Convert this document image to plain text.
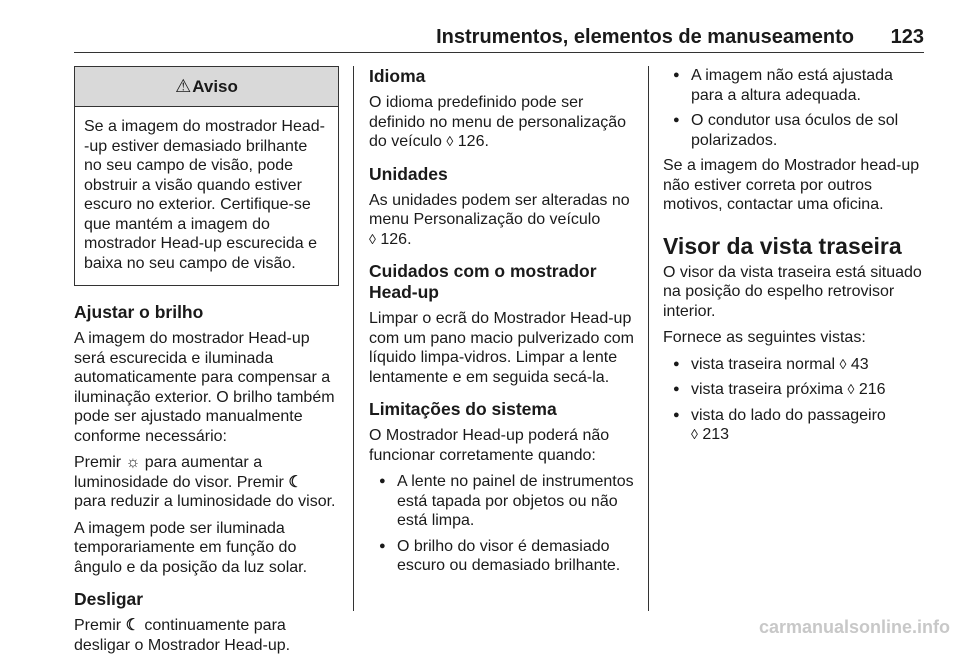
Instrumentos, elementos de manuseamento 123
⚠ Aviso
Se a imagem do mostrador Head--up estiver demasiado brilhante no seu campo de visão, pode obstruir a visão quando estiver escuro no exterior. Certifique-se que mantém a imagem do mostrador Head-up escurecida e baixa no seu campo de visão.
Ajustar o brilho

A imagem do mostrador Head-up será escurecida e iluminada automaticamente para compensar a iluminação exterior. O brilho também pode ser ajustado manualmente conforme necessário:

Premir ☼ para aumentar a luminosidade do visor. Premir ☾ para reduzir a luminosidade do visor.

A imagem pode ser iluminada temporariamente em função do ângulo e da posição da luz solar.

Desligar

Premir ☾ continuamente para desligar o Mostrador Head-up.

Idioma

O idioma predefinido pode ser definido no menu de personalização do veículo ◊ 126.

Unidades

As unidades podem ser alteradas no menu Personalização do veículo
◊ 126.

Cuidados com o mostrador Head-up

Limpar o ecrã do Mostrador Head-up com um pano macio pulverizado com líquido limpa-vidros. Limpar a lente lentamente e em seguida secá-la.

Limitações do sistema

O Mostrador Head-up poderá não funcionar corretamente quando:

● A lente no painel de instrumentos está tapada por objetos ou não está limpa.
● O brilho do visor é demasiado escuro ou demasiado brilhante.
● A imagem não está ajustada para a altura adequada.
● O condutor usa óculos de sol polarizados.

Se a imagem do Mostrador head-up não estiver correta por outros motivos, contactar uma oficina.

Visor da vista traseira

O visor da vista traseira está situado na posição do espelho retrovisor interior.

Fornece as seguintes vistas:

● vista traseira normal ◊ 43
● vista traseira próxima ◊ 216
● vista do lado do passageiro
◊ 213
carmanualsonline.info
